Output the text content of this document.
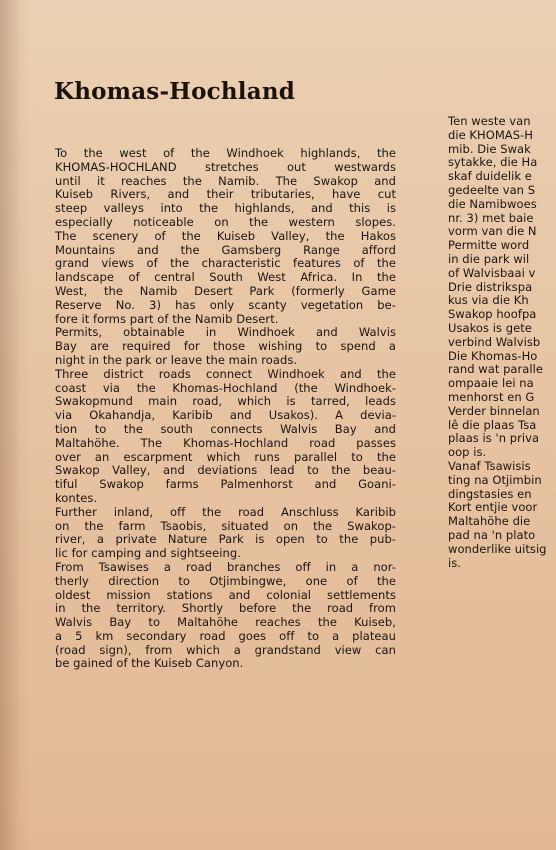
Khomas-Hochland
To the west of the Windhoek highlands, the
KHOMAS-HOCHLAND stretches out westwards
until it reaches the Namib. The Swakop and
Kuiseb Rivers, and their tributaries, have cut
steep valleys into the highlands, and this is
especially noticeable on the western slopes.
The scenery of the Kuiseb Valley, the Hakos
Mountains and the Gamsberg Range afford
grand views of the characteristic features of the
landscape of central South West Africa. In the
West, the Namib Desert Park (formerly Game
Reserve No. 3) has only scanty vegetation be-
fore it forms part of the Namib Desert.
Permits, obtainable in Windhoek and Walvis
Bay are required for those wishing to spend a
night in the park or leave the main roads.
Three district roads connect Windhoek and the
coast via the Khomas-Hochland (the Windhoek-
Swakopmund main road, which is tarred, leads
via Okahandja, Karibib and Usakos). A devia-
tion to the south connects Walvis Bay and
Maltahöhe. The Khomas-Hochland road passes
over an escarpment which runs parallel to the
Swakop Valley, and deviations lead to the beau-
tiful Swakop farms Palmenhorst and Goani-
kontes.
Further inland, off the road Anschluss Karibib
on the farm Tsaobis, situated on the Swakop-
river, a private Nature Park is open to the pub-
lic for camping and sightseeing.
From Tsawises a road branches off in a nor-
therly direction to Otjimbingwe, one of the
oldest mission stations and colonial settlements
in the territory. Shortly before the road from
Walvis Bay to Maltahöhe reaches the Kuiseb,
a 5 km secondary road goes off to a plateau
(road sign), from which a grandstand view can
be gained of the Kuiseb Canyon.
Ten weste van
die KHOMAS-H
mib. Die Swak
sytakke, die Ha
skaf duidelik e
gedeelte van S
die Namibwoes
nr. 3) met baie
vorm van die N
Permitte word
in die park wil
of Walvisbaai v
Drie distrikspa
kus via die Kh
Swakop hoofpa
Usakos is gete
verbind Walvisb
Die Khomas-Ho
rand wat paralle
ompaaie lei na
menhorst en G
Verder binnelan
lê die plaas Tsa
plaas is 'n priva
oop is.
Vanaf Tsawisis
ting na Otjimbin
dingstasies en
Kort entjie voor
Maltahöhe die
pad na 'n plato
wonderlike uitsig
is.
